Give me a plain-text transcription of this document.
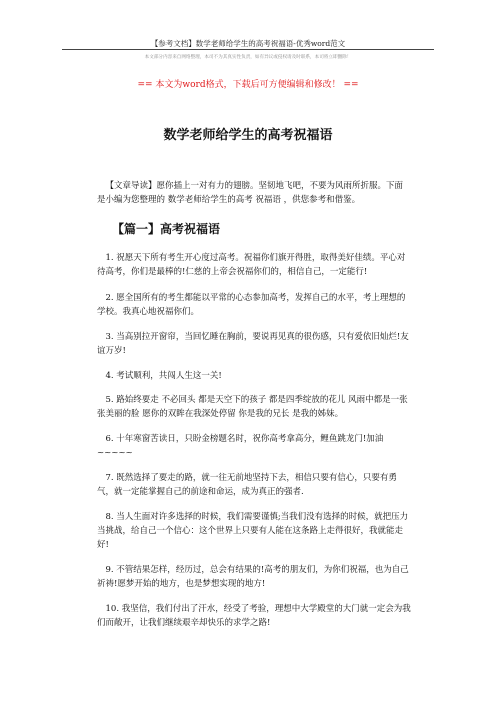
【参考文档】数学老师给学生的高考祝福语-优秀word范文
本文部分内容来自网络整理，本司不为其真实性负责，如有异议或侵权请及时联系，本司将立即删除！
== 本文为word格式，下载后可方便编辑和修改！ ==
数学老师给学生的高考祝福语
【文章导读】愿你插上一对有力的翅膀。坚韧地飞吧，不要为风雨所折服。下面是小编为您整理的 数学老师给学生的高考 祝福语 ，供您参考和借鉴。
【篇一】高考祝福语
1. 祝愿天下所有考生开心度过高考。祝福你们旗开得胜，取得美好佳绩。平心对待高考，你们是最棒的!仁慈的上帝会祝福你们的，相信自己，一定能行!
2. 愿全国所有的考生都能以平常的心态参加高考，发挥自己的水平，考上理想的学校。我真心地祝福你们。
3. 当高别拉开窗帘，当回忆睡在胸前，要说再见真的很伤感，只有爱依旧灿烂!友谊万岁!
4. 考试顺利，共闯人生这一关!
5. 路始终要走 不必回头 都是天空下的孩子 都是四季绽放的花儿 风雨中都是一张张美丽的脸 愿你的双眸在我深处停留 你是我的兄长 是我的姊妹。
6. 十年寒窗苦读日，只盼金榜题名时，祝你高考拿高分，鲤鱼跳龙门!加油~~~~~
7. 既然选择了要走的路，就一往无前地坚持下去，相信只要有信心，只要有勇气，就一定能掌握自己的前途和命运，成为真正的强者.
8. 当人生面对许多选择的时候，我们需要谨慎;当我们没有选择的时候，就把压力当挑战，给自己一个信心：这个世界上只要有人能在这条路上走得很好，我就能走好!
9. 不管结果怎样，经历过，总会有结果的!高考的朋友们，为你们祝福，也为自己祈祷!愿梦开始的地方，也是梦想实现的地方!
10. 我坚信，我们付出了汗水，经受了考验，理想中大学殿堂的大门就一定会为我们而敞开，让我们继续艰辛却快乐的求学之路!
